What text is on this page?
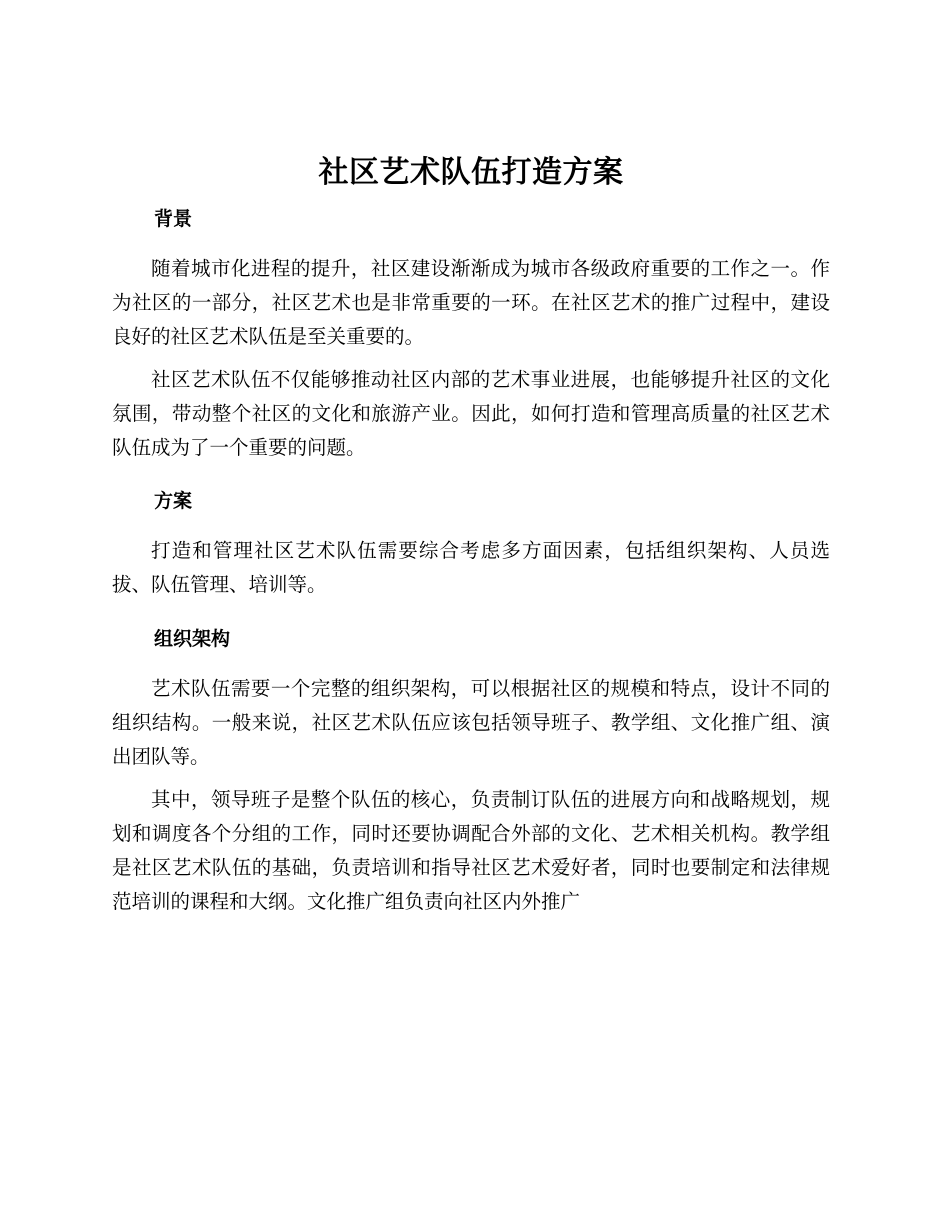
社区艺术队伍打造方案
背景

随着城市化进程的提升，社区建设渐渐成为城市各级政府重要的工作之一。作为社区的一部分，社区艺术也是非常重要的一环。在社区艺术的推广过程中，建设良好的社区艺术队伍是至关重要的。

社区艺术队伍不仅能够推动社区内部的艺术事业进展，也能够提升社区的文化氛围，带动整个社区的文化和旅游产业。因此，如何打造和管理高质量的社区艺术队伍成为了一个重要的问题。

方案

打造和管理社区艺术队伍需要综合考虑多方面因素，包括组织架构、人员选拔、队伍管理、培训等。

组织架构

艺术队伍需要一个完整的组织架构，可以根据社区的规模和特点，设计不同的组织结构。一般来说，社区艺术队伍应该包括领导班子、教学组、文化推广组、演出团队等。

其中，领导班子是整个队伍的核心，负责制订队伍的进展方向和战略规划，规划和调度各个分组的工作，同时还要协调配合外部的文化、艺术相关机构。教学组是社区艺术队伍的基础，负责培训和指导社区艺术爱好者，同时也要制定和法律规范培训的课程和大纲。文化推广组负责向社区内外推广
